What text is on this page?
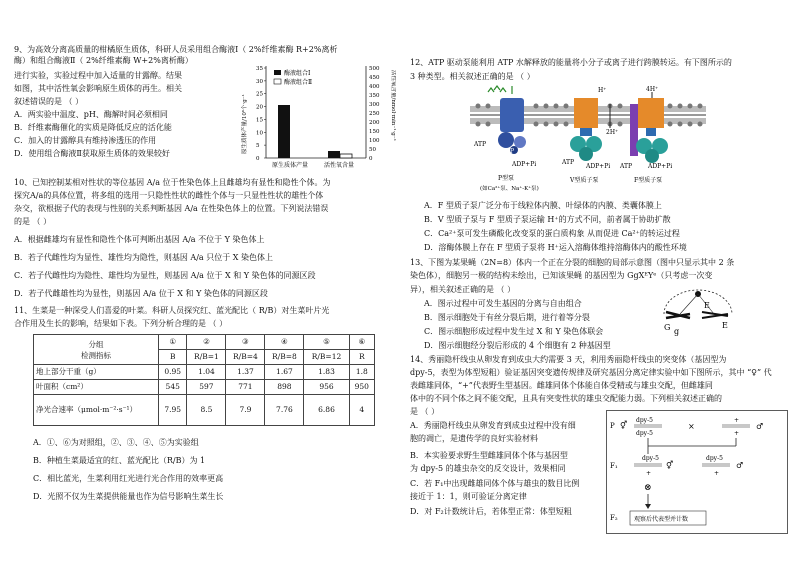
9、为高效分离高质量的柑橘原生质体，科研人员采用组合酶液Ⅰ（ 2%纤维素酶 R+2%离析
酶）和组合酶液Ⅱ（ 2%纤维素酶 W+2%离析酶）
进行实验，实验过程中加入适量的甘露醇。结果
如图，其中活性氧会影响原生质体的再生。相关
叙述错误的是 （ ）
A．两实验中温度、pH、酶解时间必须相同
B．纤维素酶催化的实质是降低反应的活化能
C．加入的甘露醇具有维持渗透压的作用
D．使用组合酶液Ⅱ获取原生质体的效果较好
0
5
10
15
20
25
30
35
0
50
100
150
200
250
300
350
400
450
500
酶液组合Ⅰ
酶液组合Ⅱ
原生质体产量	活性氧含量
原生质体产量/10⁶个·g⁻¹	活性氧含量/nmol·min⁻¹·g⁻¹
10、已知控制某相对性状的等位基因 A/a 位于性染色体上且雌雄均有显性和隐性个体。为
探究A/a的具体位置，将多组的选用一只隐性性状的雌性个体与一只显性性状的雄性个体
杂交，欲根据子代的表现与性别的关系判断基因 A/a 在性染色体上的位置。下列说法错误
的是 （ ）
A．根据雌雄均有显性和隐性个体可判断出基因 A/a 不位于 Y 染色体上
B．若子代雌性均为显性、雄性均为隐性，则基因 A/a 只位于 X 染色体上
C．若子代雌性均为隐性、雄性均为显性，则基因 A/a 位于 X 和 Y 染色体的同源区段
D．若子代雌雄性均为显性，则基因 A/a 位于 X 和 Y 染色体的同源区段
11、生菜是一种深受人们喜爱的叶菜。科研人员探究红、蓝光配比（ R/B）对生菜叶片光
合作用及生长的影响，结果如下表。下列分析合理的是 （ ）
分组
检测指标	①	②	③	④	⑤	⑥
	B	R/B=1	R/B=4	R/B=8	R/B=12	R
地上部分干重（g）	0.95	1.04	1.37	1.67	1.83	1.8
叶面积（cm²）	545	597	771	898	956	950
净光合速率（μmol·m⁻²·s⁻¹）	7.95	8.5	7.9	7.76	6.86	4
A．①、⑥为对照组，②、③、④、⑤为实验组
B．种植生菜最适宜的红、蓝光配比（R/B）为 1
C．相比蓝光，生菜利用红光进行光合作用的效率更高
D．光照不仅为生菜提供能量也作为信号影响生菜生长
12、ATP 驱动泵能利用 ATP 水解释放的能量将小分子或离子进行跨膜转运。有下图所示的
3 种类型。相关叙述正确的是 （ ）
P
ATP
ADP+Pi
2H⁺
ATP
ADP+Pi
4H⁺
ATP	ADP+Pi
H⁺
P型泵
(如Ca²⁺泵、Na⁺-K⁺泵)
V型质子泵	F型质子泵
A．F 型质子泵广泛分布于线粒体内膜、叶绿体的内膜、类囊体膜上
B．V 型质子泵与 F 型质子泵运输 H⁺的方式不同，前者属于协助扩散
C．Ca²⁺泵可发生磷酸化改变泵的蛋白质构象 从而促进 Ca²⁺的转运过程
D．溶酶体膜上存在 F 型质子泵将 H⁺运入溶酶体维持溶酶体内的酸性环境
13、下图为某果蝇（2N=8）体内一个正在分裂的细胞的局部示意图（图中只显示其中 2 条
染色体），细胞另一极的结构未绘出，已知该果蝇 的基因型为 GgXᴱYᵉ（只考虑一次变
异），相关叙述正确的是 （ ）
A．图示过程中可发生基因的分离与自由组合
B．图示细胞处于有丝分裂后期，进行着等分裂
C．图示细胞形成过程中发生过 X 和 Y 染色体联会
D．图示细胞经分裂后形成的 4 个细胞有 2 种基因型
G g
E
E
14、秀丽隐杆线虫从卵发育到成虫大约需要 3 天，利用秀丽隐杆线虫的突变体（基因型为
dpy-5，表型为体型短粗）验证基因突变遗传规律及研究基因分离定律实验中如下图所示，其中 “♀” 代
表雌雄同体，“+”代表野生型基因。雌雄同体个体能自体受精或与雄虫交配，但雌雄同
体中的不同个体之间不能交配，且具有突变性状的雄虫交配能力弱。下列相关叙述正确的
是 （ ）
A．秀丽隐杆线虫从卵发育到成虫过程中没有细
胞的凋亡，是遗传学的良好实验材料
B．本实验要求野生型雌雄同体个体与基因型
为 dpy-5 的雄虫杂交的反交设计，效果相同
C．若 F₁中出现雌雄同体个体与雄虫的数目比例
接近于 1：1，则可验证分离定律
D．对 F₂计数统计后，若体型正常：体型短粗
P ⚥
dpy-5
dpy-5
×
+
+
♂
F₁
dpy-5
+
⚥
dpy-5
+
♂
⊗
F₂	观察后代表型并计数
